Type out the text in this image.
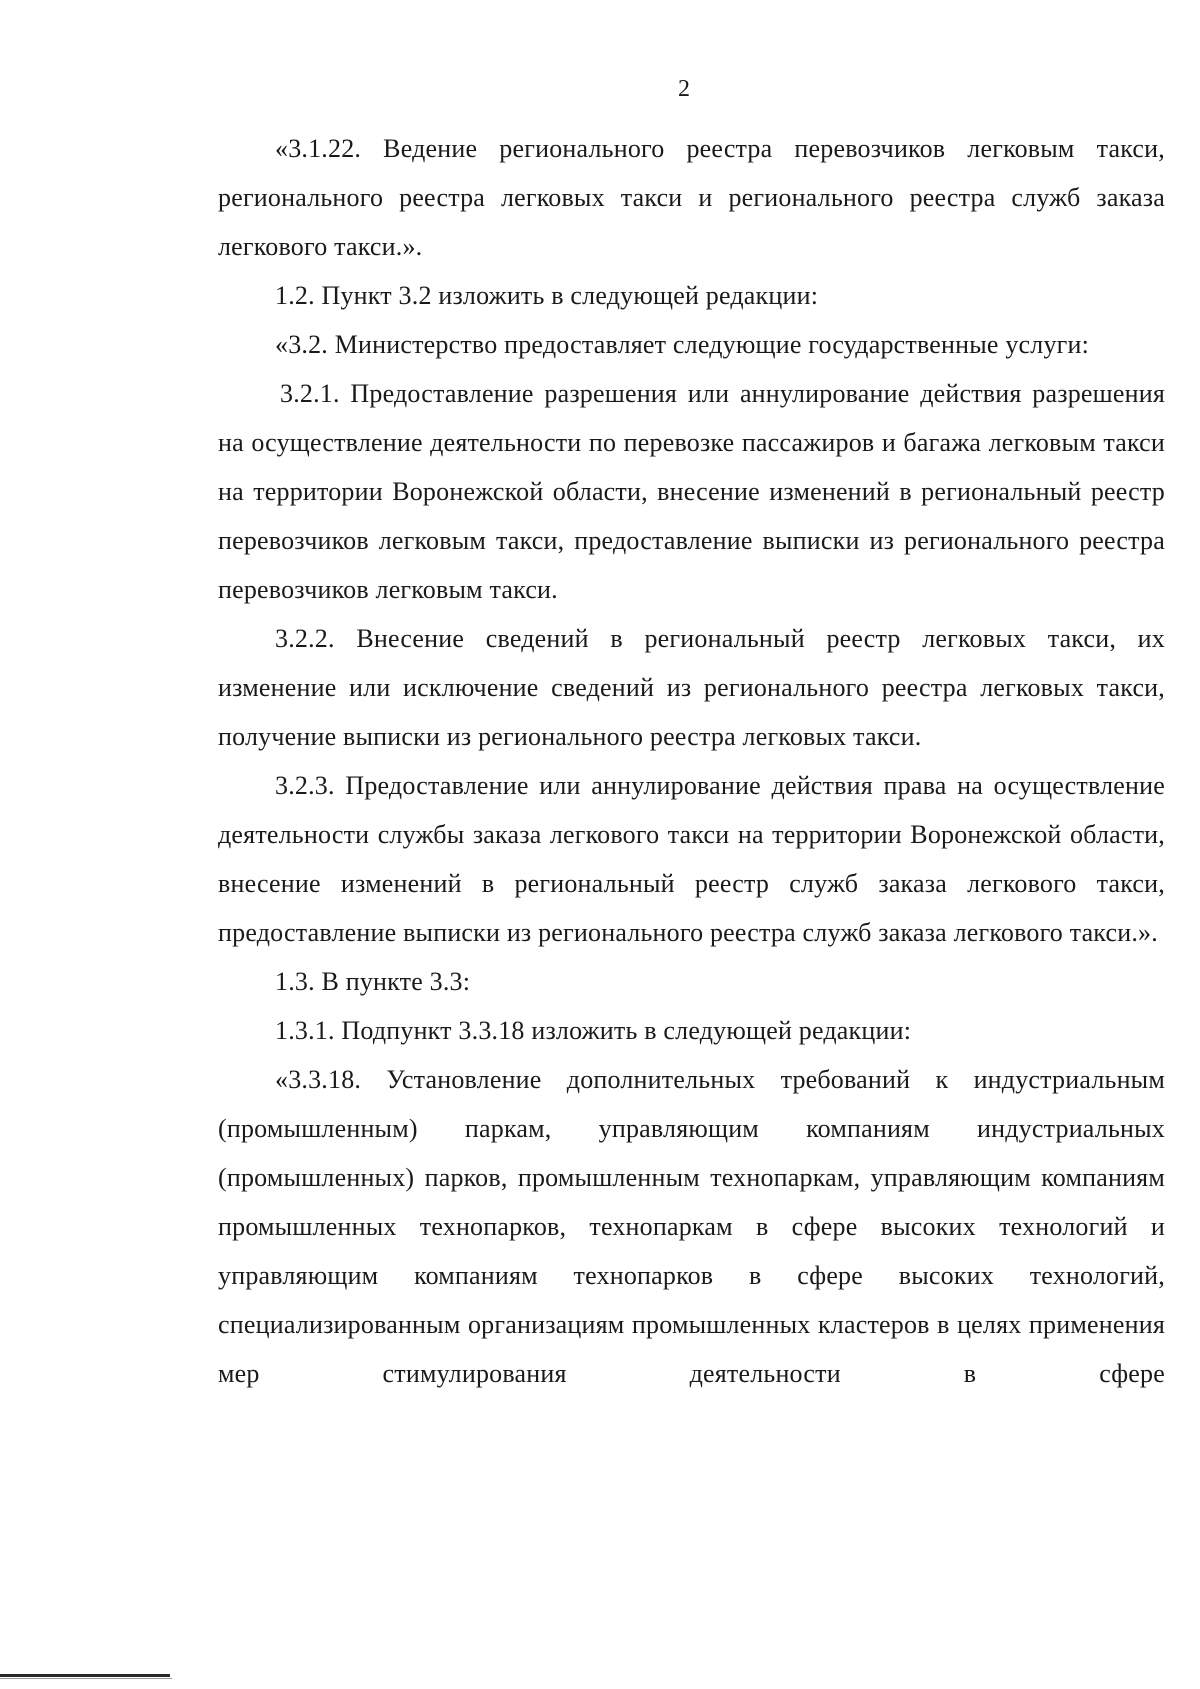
2

«3.1.22. Ведение регионального реестра перевозчиков легковым такси, регионального реестра легковых такси и регионального реестра служб заказа легкового такси.».

1.2. Пункт 3.2 изложить в следующей редакции:

«3.2. Министерство предоставляет следующие государственные услуги:

3.2.1. Предоставление разрешения или аннулирование действия разрешения на осуществление деятельности по перевозке пассажиров и багажа легковым такси на территории Воронежской области, внесение изменений в региональный реестр перевозчиков легковым такси, предоставление выписки из регионального реестра перевозчиков легковым такси.

3.2.2. Внесение сведений в региональный реестр легковых такси, их изменение или исключение сведений из регионального реестра легковых такси, получение выписки из регионального реестра легковых такси.

3.2.3. Предоставление или аннулирование действия права на осуществление деятельности службы заказа легкового такси на территории Воронежской области, внесение изменений в региональный реестр служб заказа легкового такси, предоставление выписки из регионального реестра служб заказа легкового такси.».

1.3. В пункте 3.3:

1.3.1. Подпункт 3.3.18 изложить в следующей редакции:

«3.3.18. Установление дополнительных требований к индустриальным (промышленным) паркам, управляющим компаниям индустриальных (промышленных) парков, промышленным технопаркам, управляющим компаниям промышленных технопарков, технопаркам в сфере высоких технологий и управляющим компаниям технопарков в сфере высоких технологий, специализированным организациям промышленных кластеров в целях применения мер стимулирования деятельности в сфере
